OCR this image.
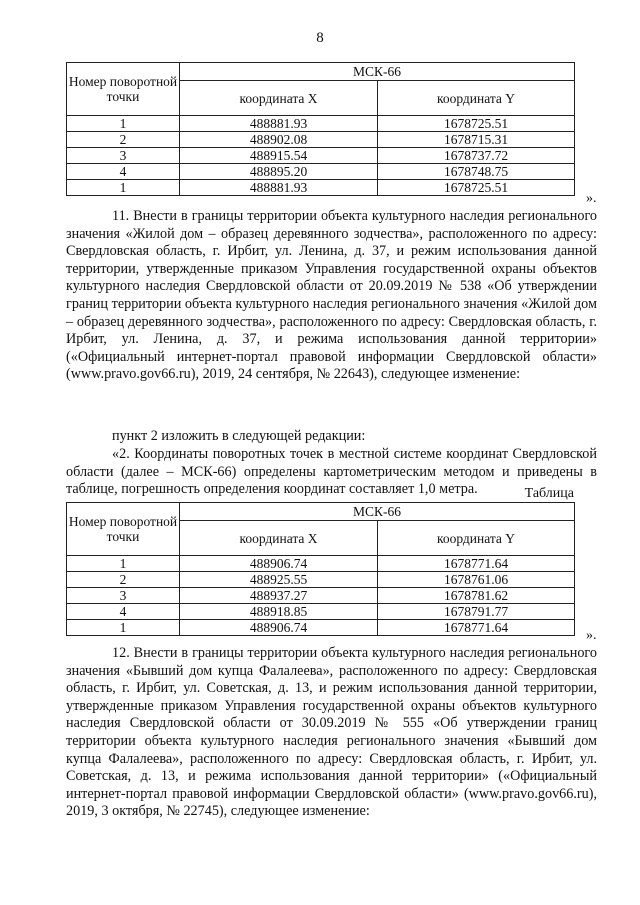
8
Номер поворотной точки	МСК-66	
	координата X	координата Y
1	488881.93	1678725.51
2	488902.08	1678715.31
3	488915.54	1678737.72
4	488895.20	1678748.75
1	488881.93	1678725.51
».

11. Внести в границы территории объекта культурного наследия регионального значения «Жилой дом – образец деревянного зодчества», расположенного по адресу: Свердловская область, г. Ирбит, ул. Ленина, д. 37, и режим использования данной территории, утвержденные приказом Управления государственной охраны объектов культурного наследия Свердловской области от 20.09.2019 № 538 «Об утверждении границ территории объекта культурного наследия регионального значения «Жилой дом – образец деревянного зодчества», расположенного по адресу: Свердловская область, г. Ирбит, ул. Ленина, д. 37, и режима использования данной территории» («Официальный интернет-портал правовой информации Свердловской области» (www.pravo.gov66.ru), 2019, 24 сентября, № 22643), следующее изменение:

пункт 2 изложить в следующей редакции:

«2. Координаты поворотных точек в местной системе координат Свердловской области (далее – МСК-66) определены картометрическим методом и приведены в таблице, погрешность определения координат составляет 1,0 метра.	Таблица
Номер поворотной точки	МСК-66	
	координата X	координата Y
1	488906.74	1678771.64
2	488925.55	1678761.06
3	488937.27	1678781.62
4	488918.85	1678791.77
1	488906.74	1678771.64
».

12. Внести в границы территории объекта культурного наследия регионального значения «Бывший дом купца Фалалеева», расположенного по адресу: Свердловская область, г. Ирбит, ул. Советская, д. 13, и режим использования данной территории, утвержденные приказом Управления государственной охраны объектов культурного наследия Свердловской области от 30.09.2019 № 555 «Об утверждении границ территории объекта культурного наследия регионального значения «Бывший дом купца Фалалеева», расположенного по адресу: Свердловская область, г. Ирбит, ул. Советская, д. 13, и режима использования данной территории» («Официальный интернет-портал правовой информации Свердловской области» (www.pravo.gov66.ru), 2019, 3 октября, № 22745), следующее изменение:
